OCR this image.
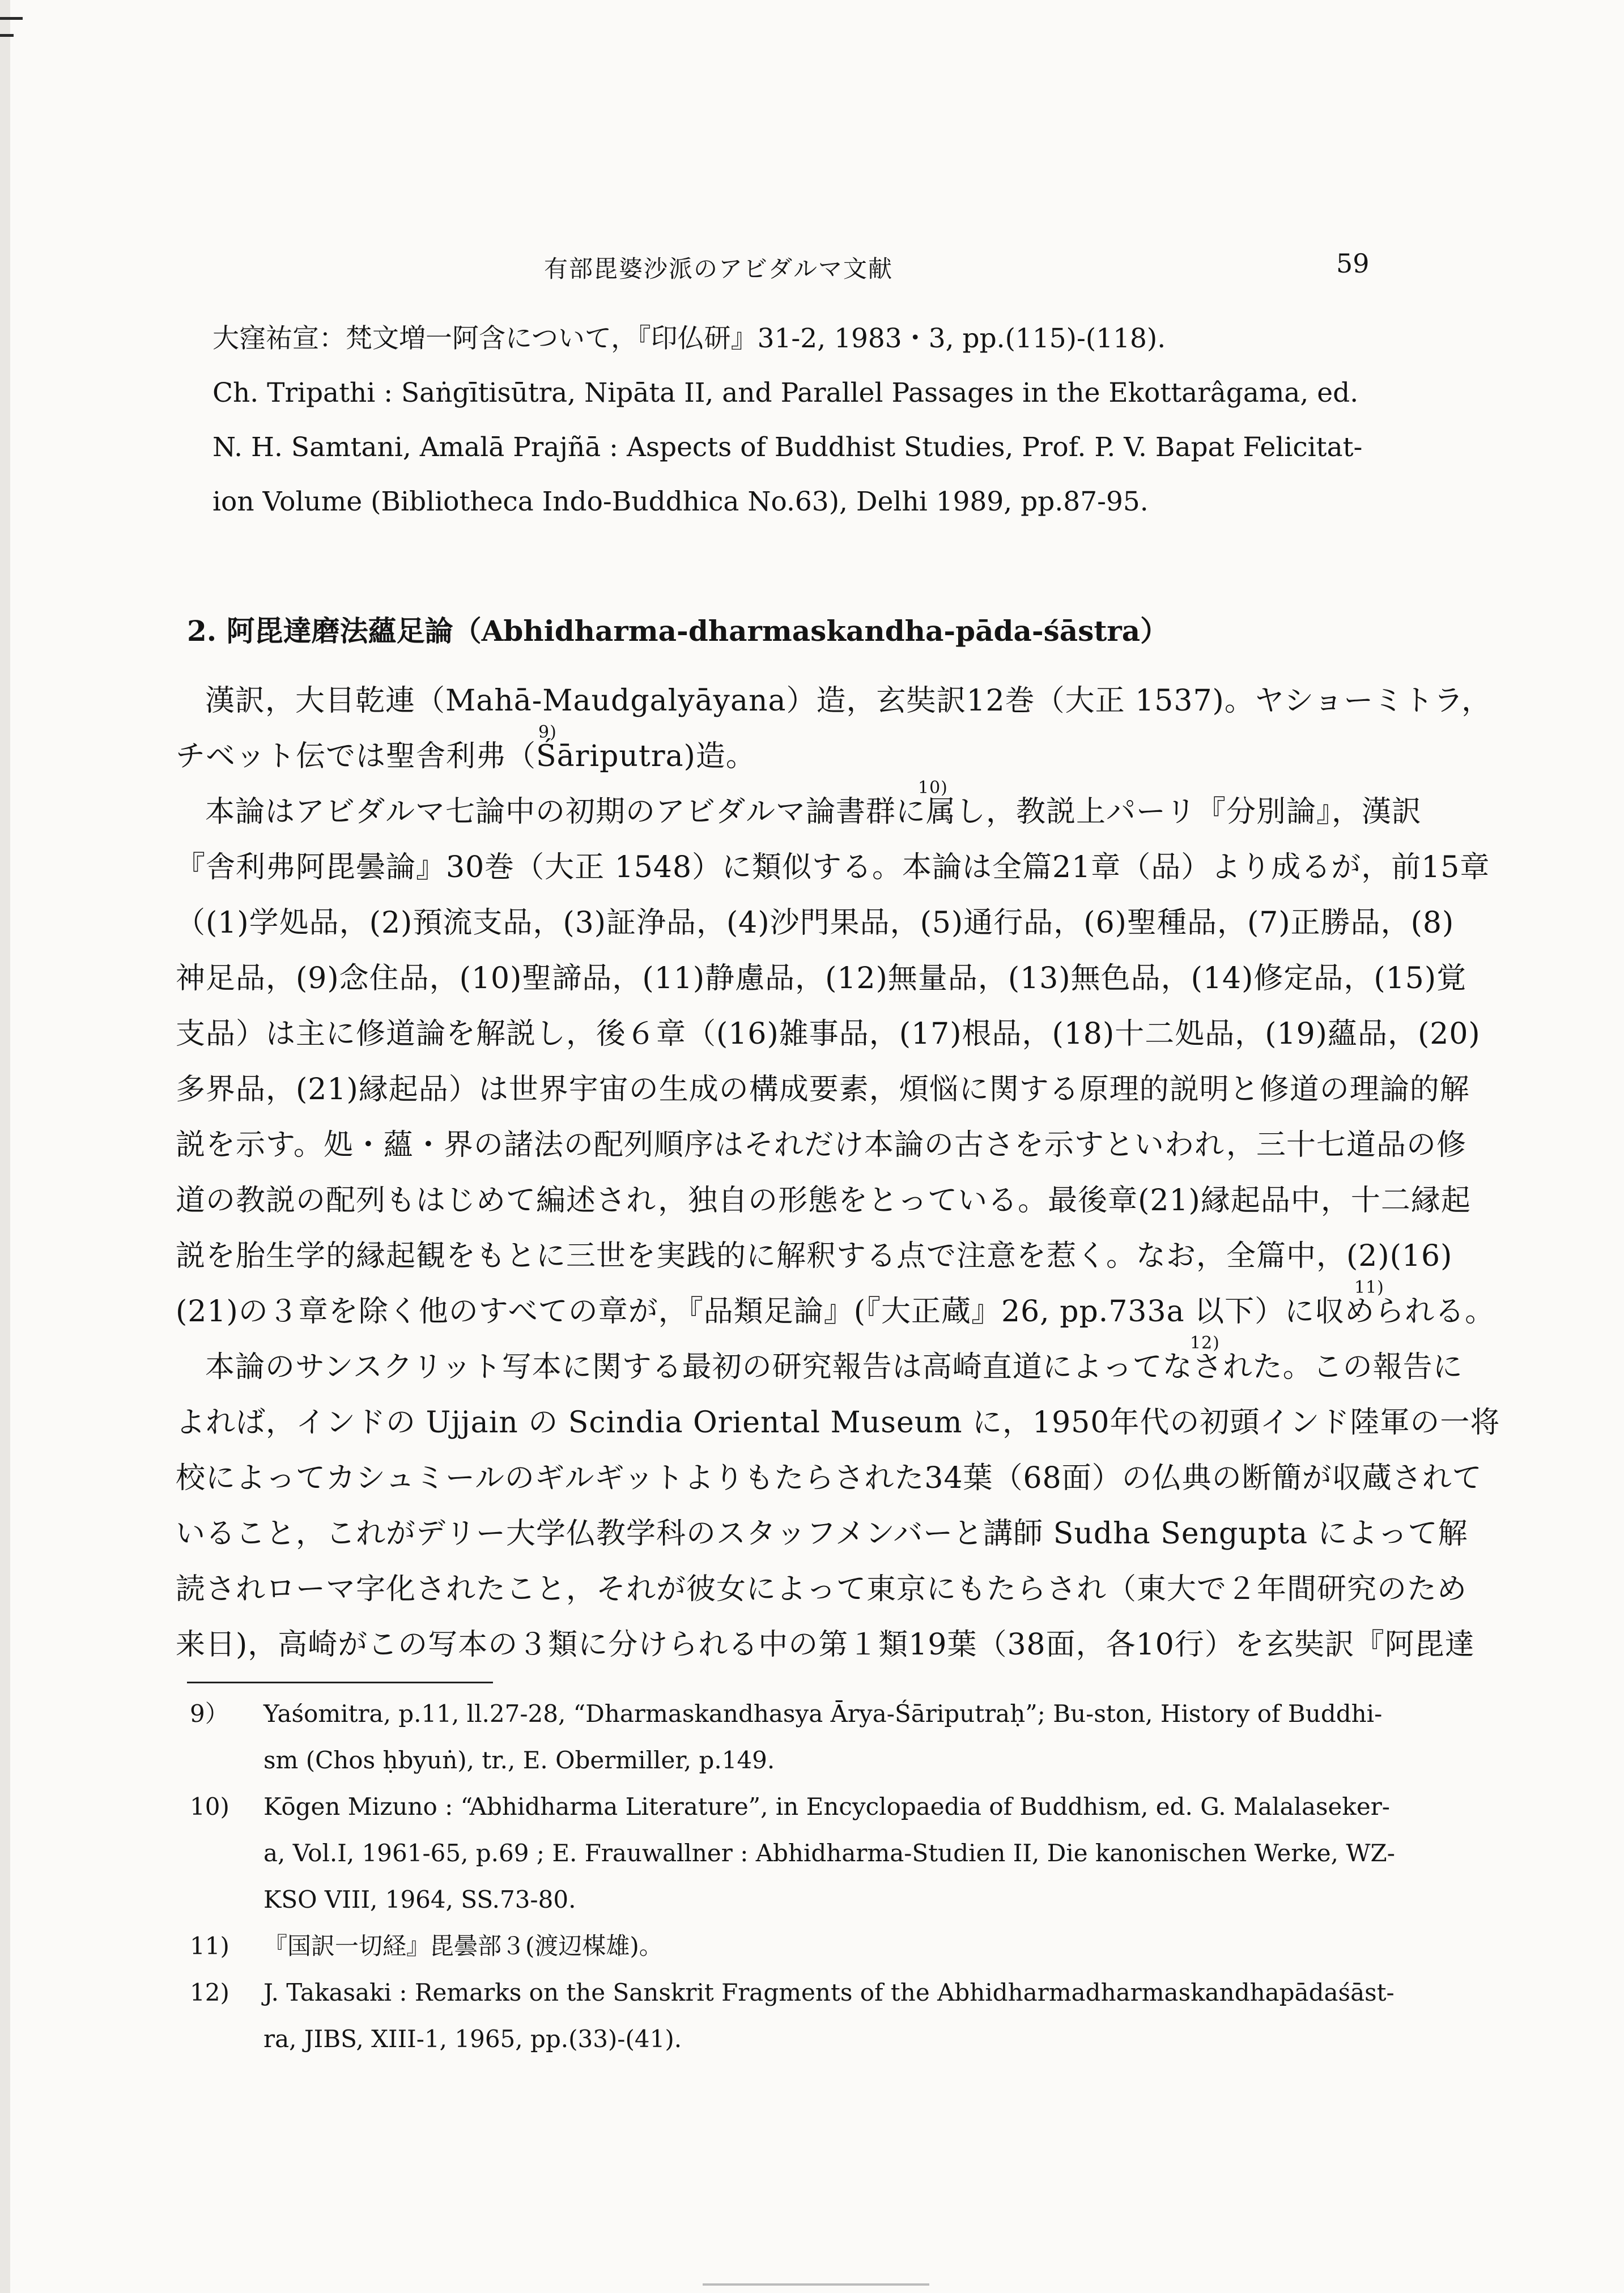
有部毘婆沙派のアビダルマ文献	59
大窪祐宣：梵文増一阿含について，『印仏研』31-2, 1983・3, pp.(115)-(118).
Ch. Tripathi : Saṅgītisūtra, Nipāta II, and Parallel Passages in the Ekottarâgama, ed.
N. H. Samtani, Amalā Prajñā : Aspects of Buddhist Studies, Prof. P. V. Bapat Felicitat-
ion Volume (Bibliotheca Indo-Buddhica No.63), Delhi 1989, pp.87-95.
2. 阿毘達磨法蘊足論（Abhidharma-dharmaskandha-pāda-śāstra）
漢訳，大目乾連（Mahā-Maudgalyāyana）造，玄奘訳12巻（大正 1537)。ヤショーミトラ，
チベット伝では聖舎利弗（Śāriputra)造。
9)
本論はアビダルマ七論中の初期のアビダルマ論書群に属し，教説上パーリ『分別論』，漢訳
10)
『舎利弗阿毘曇論』30巻（大正 1548）に類似する。本論は全篇21章（品）より成るが，前15章
（(1)学処品，(2)預流支品，(3)証浄品，(4)沙門果品，(5)通行品，(6)聖種品，(7)正勝品，(8)
神足品，(9)念住品，(10)聖諦品，(11)静慮品，(12)無量品，(13)無色品，(14)修定品，(15)覚
支品）は主に修道論を解説し，後６章（(16)雑事品，(17)根品，(18)十二処品，(19)蘊品，(20)
多界品，(21)縁起品）は世界宇宙の生成の構成要素，煩悩に関する原理的説明と修道の理論的解
説を示す。処・蘊・界の諸法の配列順序はそれだけ本論の古さを示すといわれ，三十七道品の修
道の教説の配列もはじめて編述され，独自の形態をとっている。最後章(21)縁起品中，十二縁起
説を胎生学的縁起観をもとに三世を実践的に解釈する点で注意を惹く。なお，全篇中，(2)(16)
(21)の３章を除く他のすべての章が，『品類足論』(『大正蔵』26, pp.733a 以下）に収められる。
11)
本論のサンスクリット写本に関する最初の研究報告は高崎直道によってなされた。この報告に
12)
よれば，インドの Ujjain の Scindia Oriental Museum に，1950年代の初頭インド陸軍の一将
校によってカシュミールのギルギットよりもたらされた34葉（68面）の仏典の断簡が収蔵されて
いること，これがデリー大学仏教学科のスタッフメンバーと講師 Sudha Sengupta によって解
読されローマ字化されたこと，それが彼女によって東京にもたらされ（東大で２年間研究のため
来日)，高崎がこの写本の３類に分けられる中の第１類19葉（38面，各10行）を玄奘訳『阿毘達
9） Yaśomitra, p.11, ll.27-28, “Dharmaskandhasya Ārya-Śāriputraḥ”; Bu-ston, History of Buddhi-
sm (Chos ḥbyuṅ), tr., E. Obermiller, p.149.
10) Kōgen Mizuno : “Abhidharma Literature”, in Encyclopaedia of Buddhism, ed. G. Malalaseker-
a, Vol.I, 1961-65, p.69 ; E. Frauwallner : Abhidharma-Studien II, Die kanonischen Werke, WZ-
KSO VIII, 1964, SS.73-80.
11) 『国訳一切経』毘曇部３(渡辺楳雄)。
12) J. Takasaki : Remarks on the Sanskrit Fragments of the Abhidharmadharmaskandhapādaśāst-
ra, JIBS, XIII-1, 1965, pp.(33)-(41).
